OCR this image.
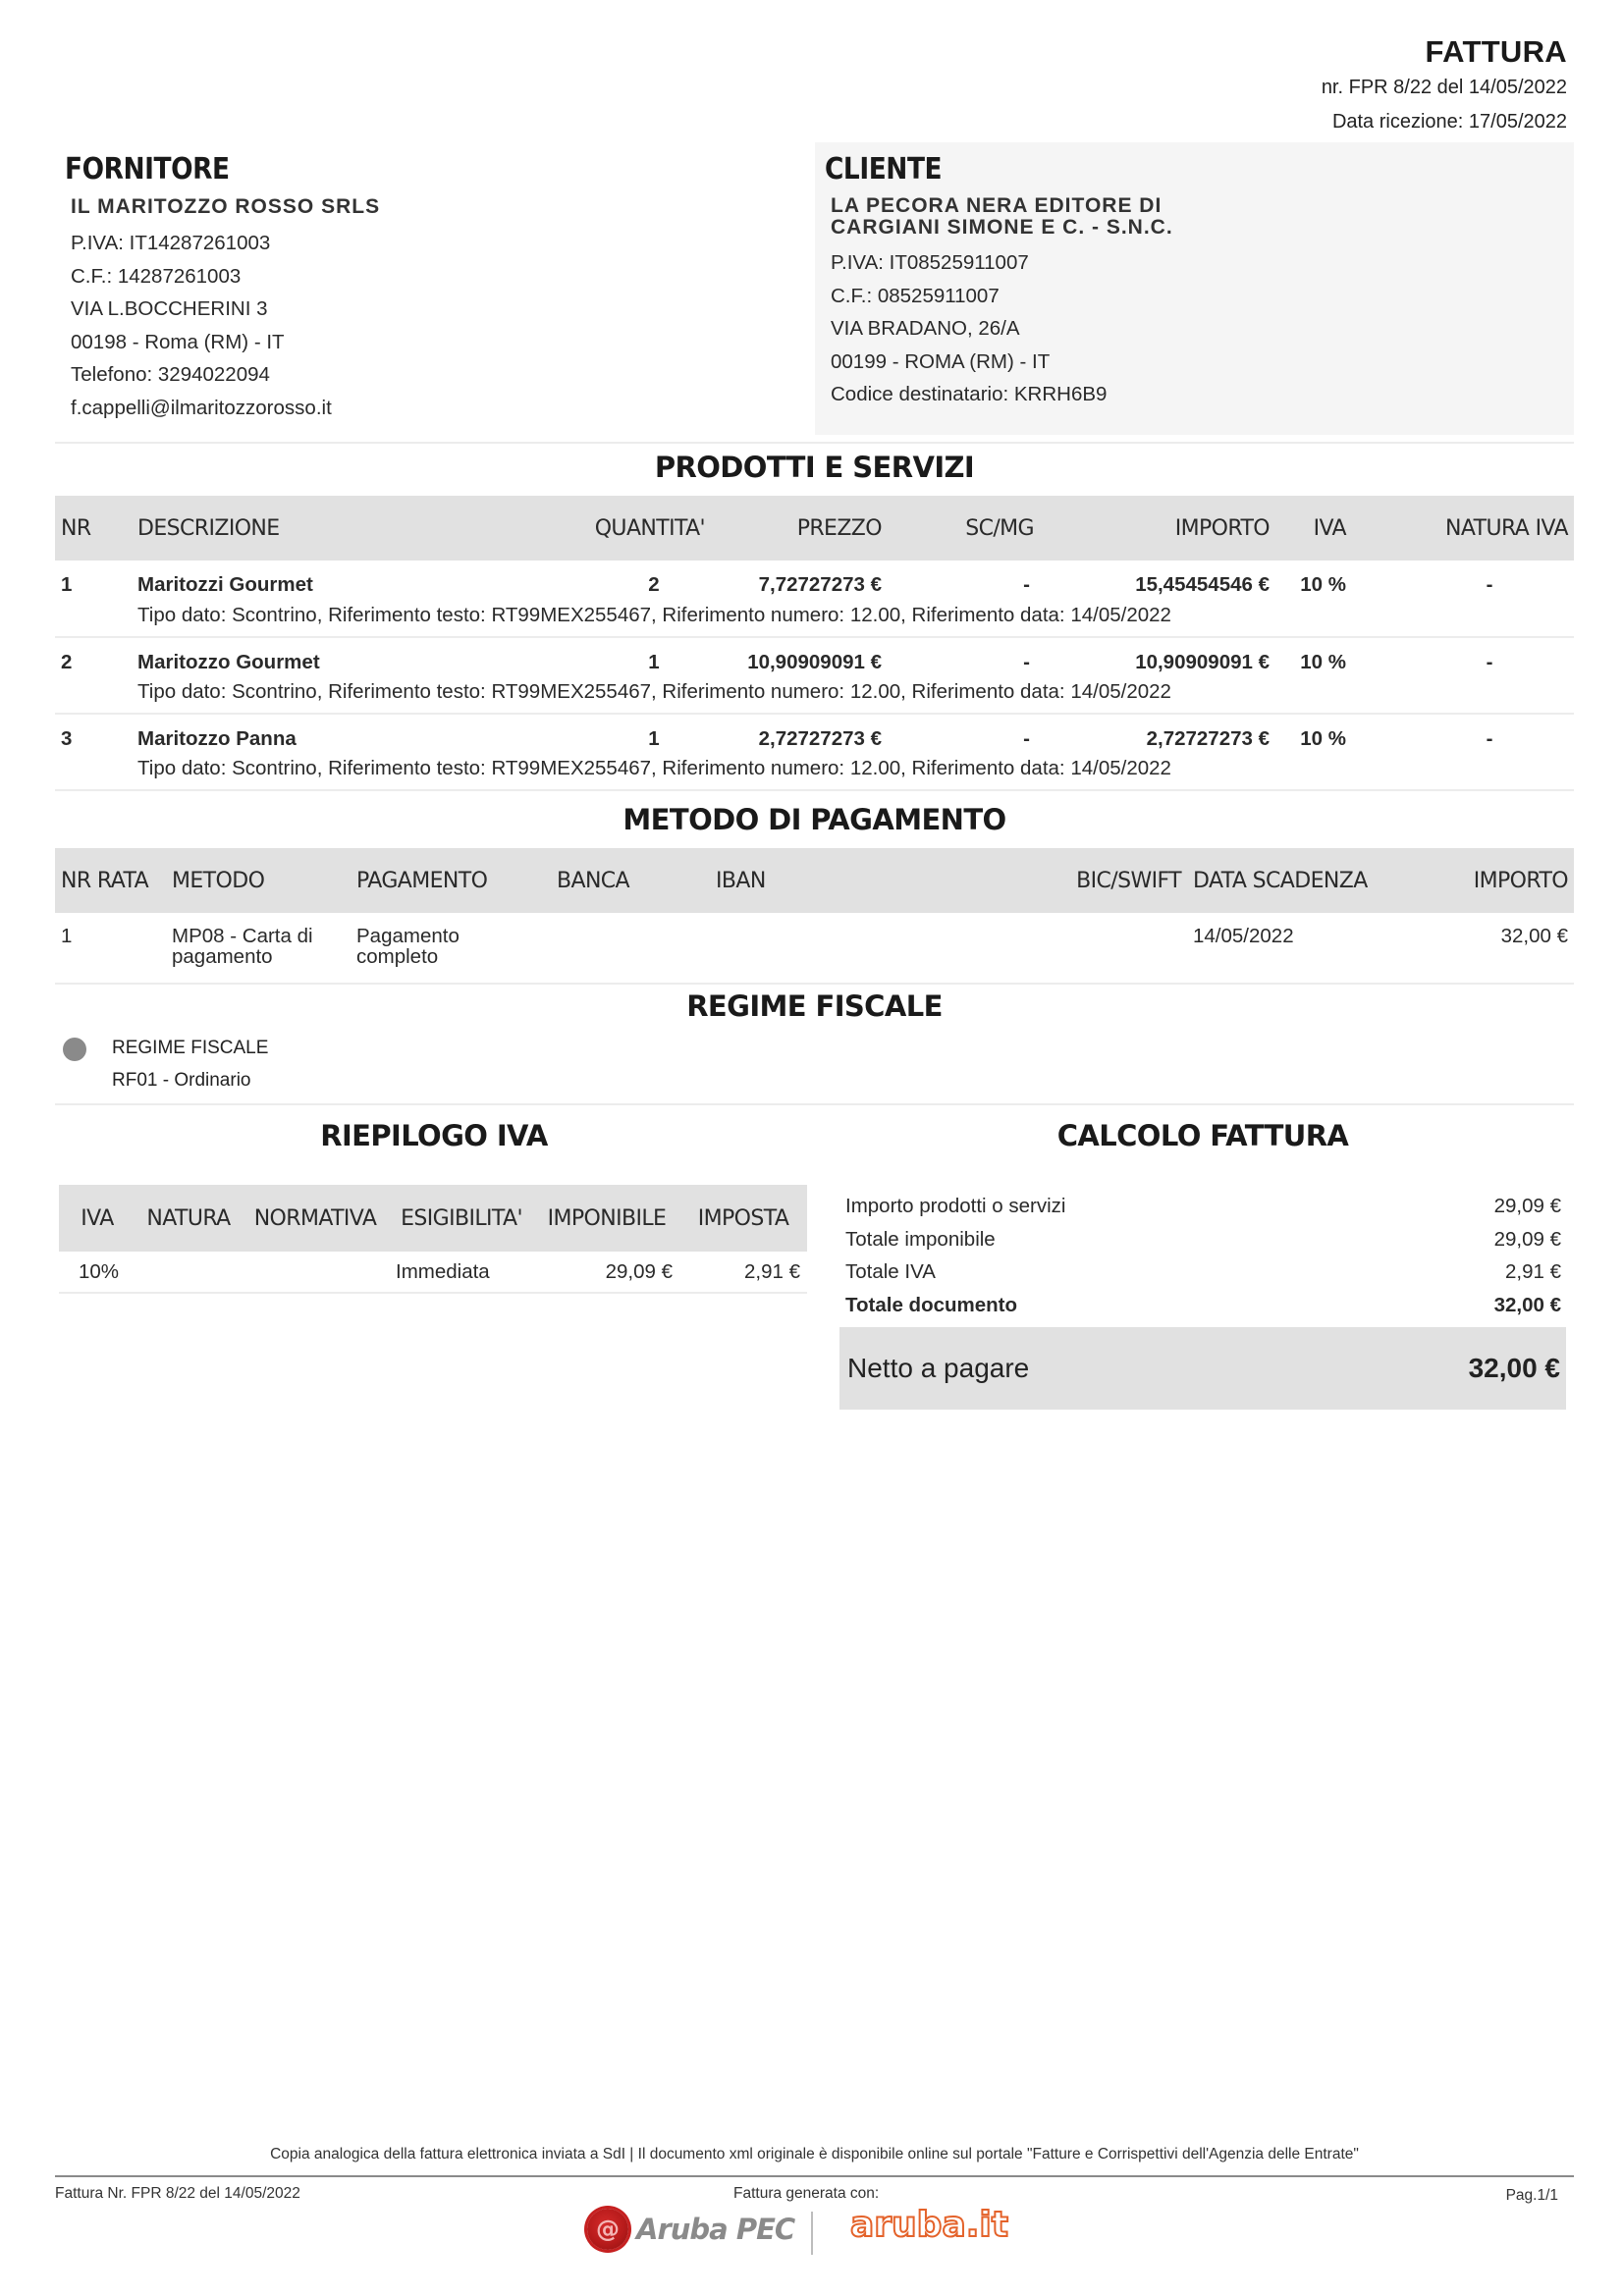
FATTURA
nr. FPR 8/22 del 14/05/2022
Data ricezione: 17/05/2022
FORNITORE
IL MARITOZZO ROSSO SRLS
P.IVA: IT14287261003
C.F.: 14287261003
VIA L.BOCCHERINI 3
00198 - Roma (RM) - IT
Telefono: 3294022094
f.cappelli@ilmaritozzorosso.it
CLIENTE
LA PECORA NERA EDITORE DI CARGIANI SIMONE E C. - S.N.C.
P.IVA: IT08525911007
C.F.: 08525911007
VIA BRADANO, 26/A
00199 - ROMA (RM) - IT
Codice destinatario: KRRH6B9
PRODOTTI E SERVIZI
NR	DESCRIZIONE	QUANTITA'	PREZZO	SC/MG	IMPORTO	IVA	NATURA IVA
1	Maritozzi Gourmet	2	7,72727273 €	-	15,45454546 €	10 %	-
	Tipo dato: Scontrino, Riferimento testo: RT99MEX255467, Riferimento numero: 12.00, Riferimento data: 14/05/2022						
2	Maritozzo Gourmet	1	10,90909091 €	-	10,90909091 €	10 %	-
	Tipo dato: Scontrino, Riferimento testo: RT99MEX255467, Riferimento numero: 12.00, Riferimento data: 14/05/2022						
3	Maritozzo Panna	1	2,72727273 €	-	2,72727273 €	10 %	-
	Tipo dato: Scontrino, Riferimento testo: RT99MEX255467, Riferimento numero: 12.00, Riferimento data: 14/05/2022						
METODO DI PAGAMENTO
NR RATA	METODO	PAGAMENTO	BANCA	IBAN	BIC/SWIFT	DATA SCADENZA	IMPORTO
1	MP08 - Carta di pagamento	Pagamento completo				14/05/2022	32,00 €
REGIME FISCALE
REGIME FISCALE
RF01 - Ordinario
RIEPILOGO IVA
IVA	NATURA	NORMATIVA	ESIGIBILITA'	IMPONIBILE	IMPOSTA
10%			Immediata	29,09 €	2,91 €
CALCOLO FATTURA
Importo prodotti o servizi	29,09 €
Totale imponibile	29,09 €
Totale IVA	2,91 €
Totale documento	32,00 €
Netto a pagare	32,00 €
Copia analogica della fattura elettronica inviata a SdI | Il documento xml originale è disponibile online sul portale "Fatture e Corrispettivi dell'Agenzia delle Entrate"
Fattura Nr. FPR 8/22 del 14/05/2022	Fattura generata con:	Pag.1/1
@ Aruba PEC aruba.it
